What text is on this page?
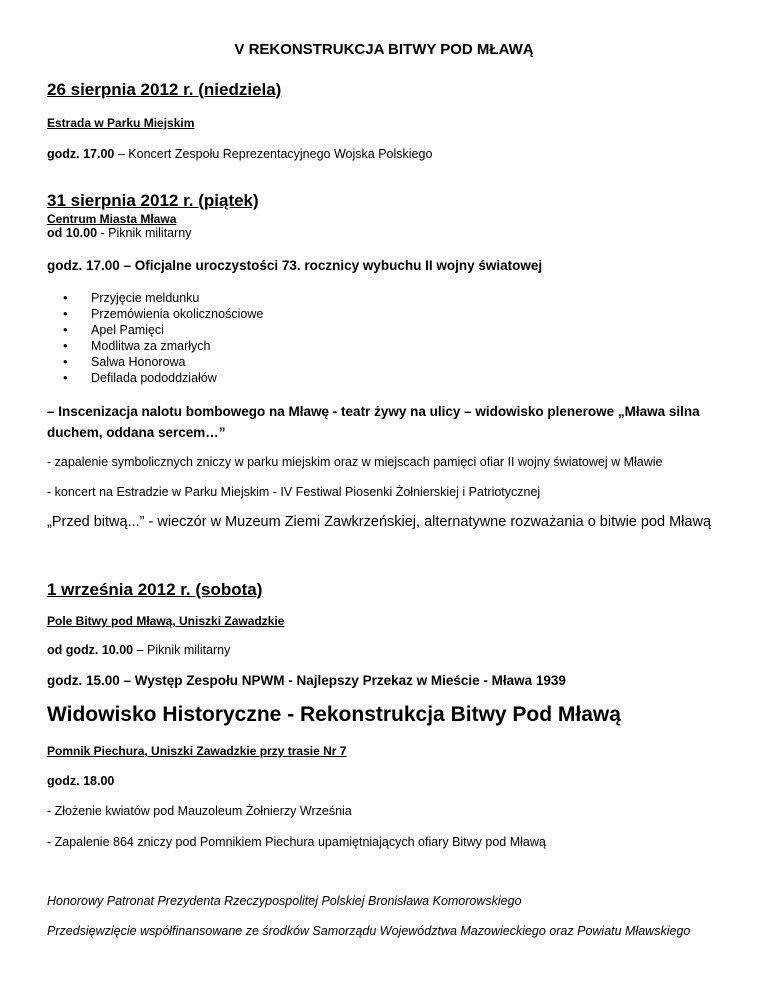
V REKONSTRUKCJA BITWY POD MŁAWĄ
26 sierpnia 2012 r. (niedziela)
Estrada w Parku Miejskim
godz. 17.00 – Koncert Zespołu Reprezentacyjnego Wojska Polskiego
31 sierpnia 2012 r. (piątek)
Centrum Miasta Mława
od 10.00 - Piknik militarny
godz. 17.00 – Oficjalne uroczystości 73. rocznicy wybuchu II wojny światowej
• Przyjęcie meldunku
• Przemówienia okolicznościowe
• Apel Pamięci
• Modlitwa za zmarłych
• Salwa Honorowa
• Defilada pododdziałów
– Inscenizacja nalotu bombowego na Mławę - teatr żywy na ulicy – widowisko plenerowe „Mława silna duchem, oddana sercem…”
- zapalenie symbolicznych zniczy w parku miejskim oraz w miejscach pamięci ofiar II wojny światowej w Mławie
- koncert na Estradzie w Parku Miejskim - IV Festiwal Piosenki Żołnierskiej i Patriotycznej
„Przed bitwą...” - wieczór w Muzeum Ziemi Zawkrzeńskiej, alternatywne rozważania o bitwie pod Mławą
1 września 2012 r. (sobota)
Pole Bitwy pod Mławą, Uniszki Zawadzkie
od godz. 10.00 – Piknik militarny
godz. 15.00 – Występ Zespołu NPWM - Najlepszy Przekaz w Mieście - Mława 1939
Widowisko Historyczne - Rekonstrukcja Bitwy Pod Mławą
Pomnik Piechura, Uniszki Zawadzkie przy trasie Nr 7
godz. 18.00
- Złożenie kwiatów pod Mauzoleum Żołnierzy Września
- Zapalenie 864 zniczy pod Pomnikiem Piechura upamiętniających ofiary Bitwy pod Mławą
Honorowy Patronat Prezydenta Rzeczypospolitej Polskiej Bronisława Komorowskiego
Przedsięwzięcie współfinansowane ze środków Samorządu Województwa Mazowieckiego oraz Powiatu Mławskiego
